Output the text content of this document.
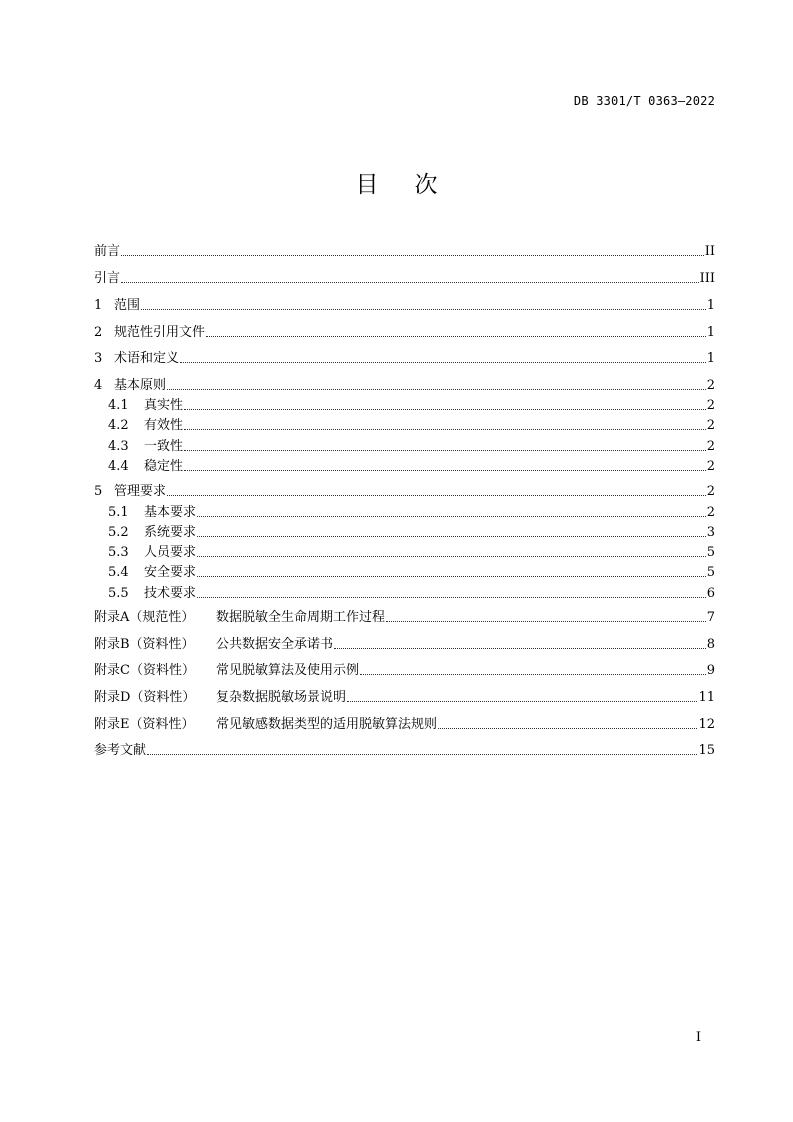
DB 3301/T 0363—2022
目次
前言	II
引言	III
1 范围	1
2 规范性引用文件	1
3 术语和定义	1
4 基本原则	2
4.1	真实性	2
4.2	有效性	2
4.3	一致性	2
4.4	稳定性	2
5 管理要求	2
5.1	基本要求	2
5.2	系统要求	3
5.3	人员要求	5
5.4	安全要求	5
5.5	技术要求	6
附录A（规范性）	数据脱敏全生命周期工作过程	7
附录B（资料性）	公共数据安全承诺书	8
附录C（资料性）	常见脱敏算法及使用示例	9
附录D（资料性）	复杂数据脱敏场景说明	11
附录E（资料性）	常见敏感数据类型的适用脱敏算法规则	12
参考文献	15
I
